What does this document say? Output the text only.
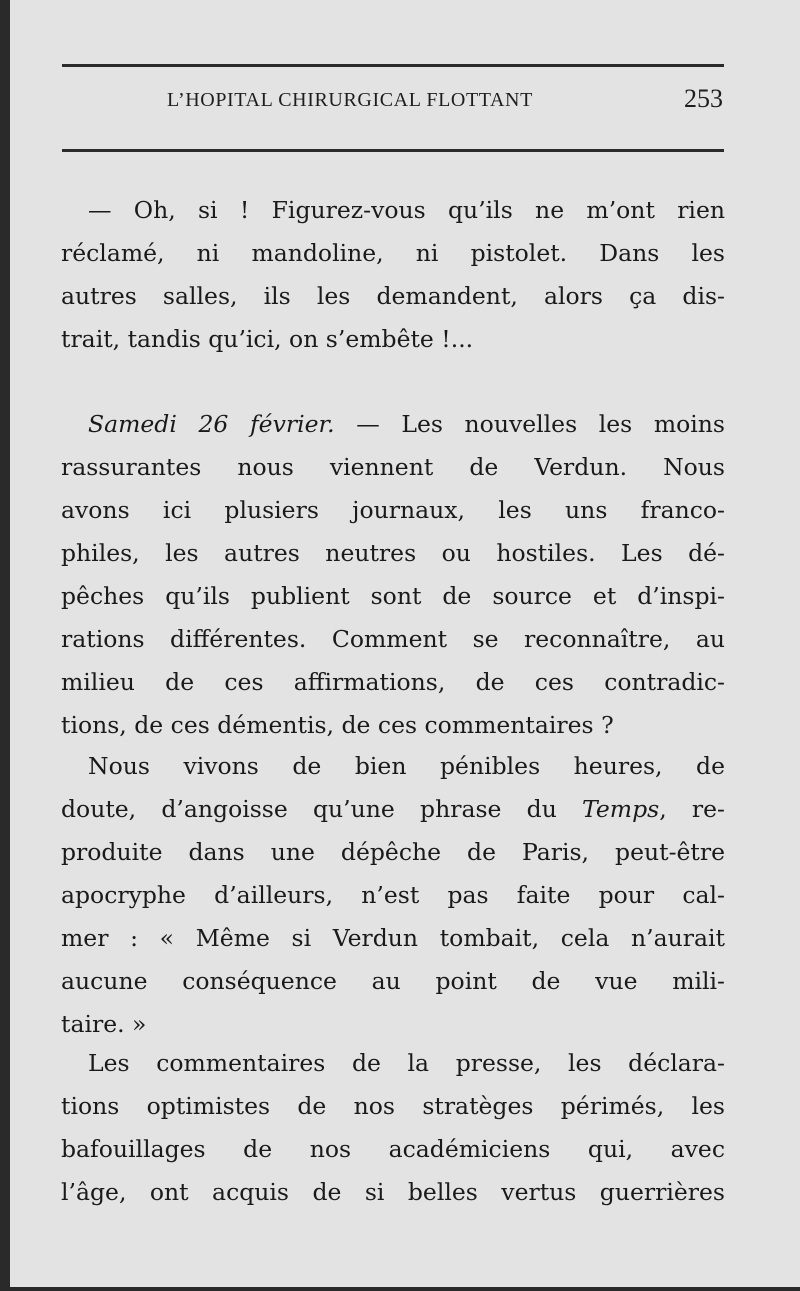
L’HOPITAL CHIRURGICAL FLOTTANT	253

— Oh, si ! Figurez-vous qu’ils ne m’ont rien
réclamé, ni mandoline, ni pistolet. Dans les
autres salles, ils les demandent, alors ça dis-
trait, tandis qu’ici, on s’embête !...

Samedi 26 février. — Les nouvelles les moins
rassurantes nous viennent de Verdun. Nous
avons ici plusiers journaux, les uns franco-
philes, les autres neutres ou hostiles. Les dé-
pêches qu’ils publient sont de source et d’inspi-
rations différentes. Comment se reconnaître, au
milieu de ces affirmations, de ces contradic-
tions, de ces démentis, de ces commentaires ?

Nous vivons de bien pénibles heures, de
doute, d’angoisse qu’une phrase du Temps, re-
produite dans une dépêche de Paris, peut-être
apocryphe d’ailleurs, n’est pas faite pour cal-
mer : « Même si Verdun tombait, cela n’aurait
aucune conséquence au point de vue mili-
taire. »

Les commentaires de la presse, les déclara-
tions optimistes de nos stratèges périmés, les
bafouillages de nos académiciens qui, avec
l’âge, ont acquis de si belles vertus guerrières
